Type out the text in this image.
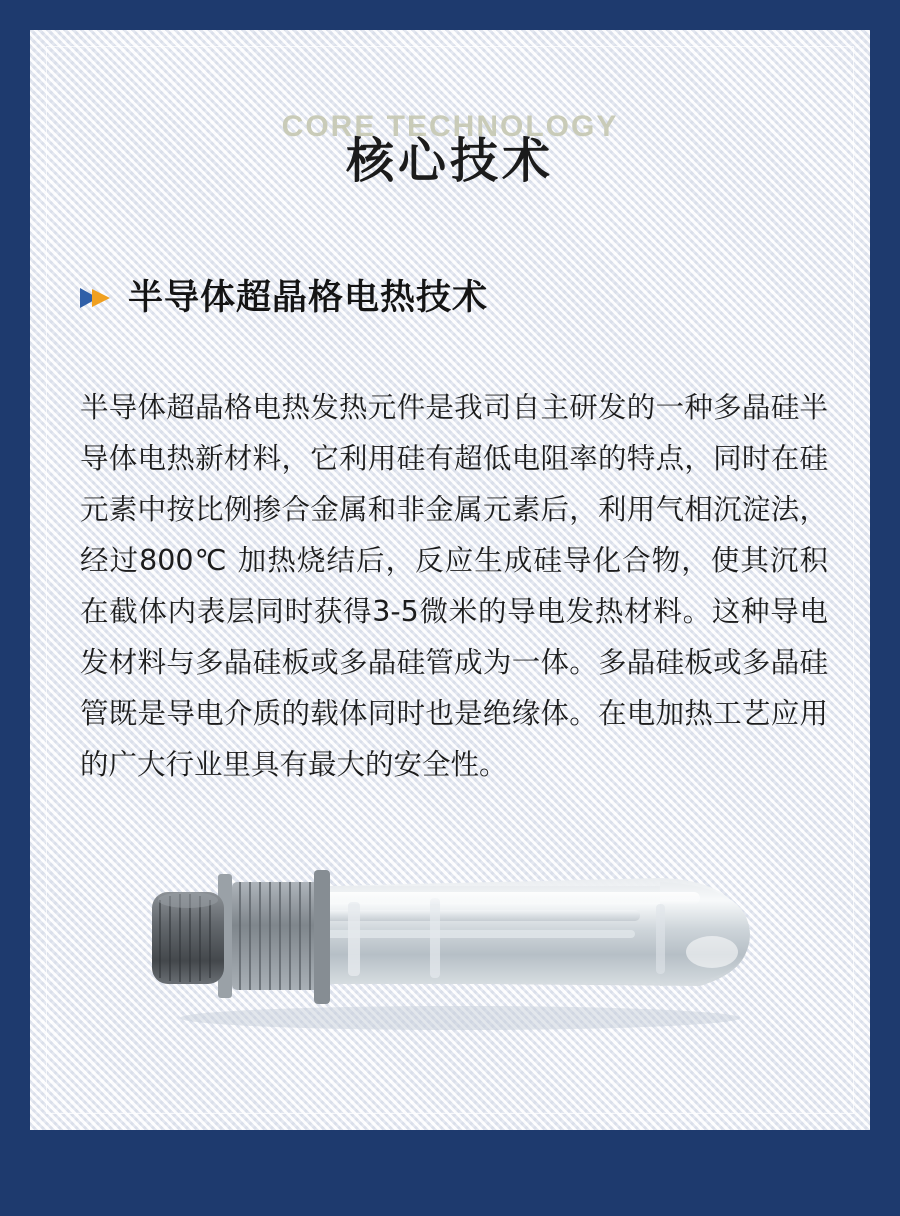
CORE TECHNOLOGY
核心技术
半导体超晶格电热技术
半导体超晶格电热发热元件是我司自主研发的一种多晶硅半导体电热新材料，它利用硅有超低电阻率的特点，同时在硅元素中按比例掺合金属和非金属元素后，利用气相沉淀法，经过800℃ 加热烧结后，反应生成硅导化合物，使其沉积在截体内表层同时获得3-5微米的导电发热材料。这种导电发材料与多晶硅板或多晶硅管成为一体。多晶硅板或多晶硅管既是导电介质的载体同时也是绝缘体。在电加热工艺应用的广大行业里具有最大的安全性。
